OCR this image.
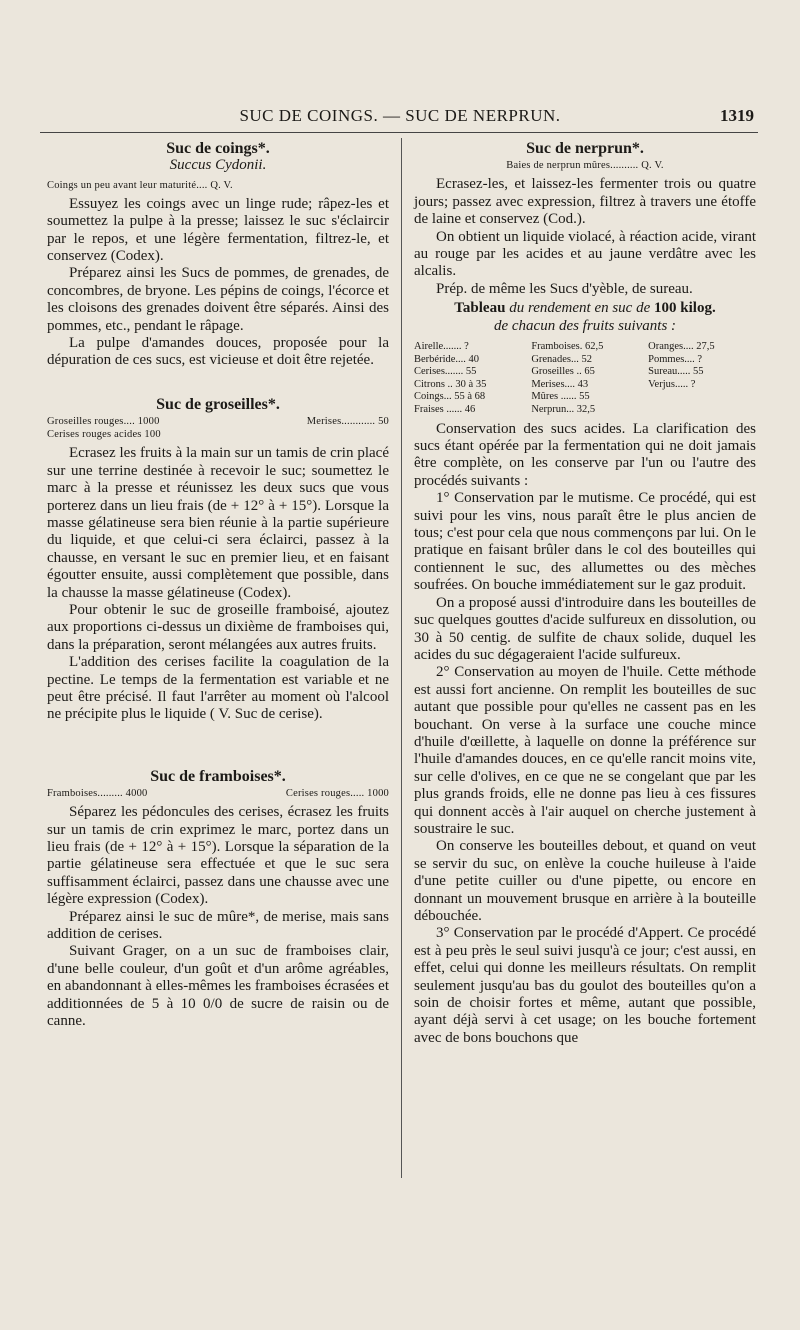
SUC DE COINGS. — SUC DE NERPRUN.	1319
Suc de coings*.
Succus Cydonii.
Coings un peu avant leur maturité.... Q. V.

Essuyez les coings avec un linge rude; râpez-les et soumettez la pulpe à la presse; laissez le suc s'éclaircir par le repos, et une légère fermentation, filtrez-le, et conservez (Codex).

Préparez ainsi les Sucs de pommes, de grenades, de concombres, de bryone. Les pépins de coings, l'écorce et les cloisons des grenades doivent être séparés. Ainsi des pommes, etc., pendant le râpage.

La pulpe d'amandes douces, proposée pour la dépuration de ces sucs, est vicieuse et doit être rejetée.

Suc de groseilles*.
Groseilles rouges.... 1000	Merises............ 50
Cerises rouges acides 100

Ecrasez les fruits à la main sur un tamis de crin placé sur une terrine destinée à recevoir le suc; soumettez le marc à la presse et réunissez les deux sucs que vous porterez dans un lieu frais (de + 12° à + 15°). Lorsque la masse gélatineuse sera bien réunie à la partie supérieure du liquide, et que celui-ci sera éclairci, passez à la chausse, en versant le suc en premier lieu, et en faisant égoutter ensuite, aussi complètement que possible, dans la chausse la masse gélatineuse (Codex).

Pour obtenir le suc de groseille framboisé, ajoutez aux proportions ci-dessus un dixième de framboises qui, dans la préparation, seront mélangées aux autres fruits.

L'addition des cerises facilite la coagulation de la pectine. Le temps de la fermentation est variable et ne peut être précisé. Il faut l'arrêter au moment où l'alcool ne précipite plus le liquide ( V. Suc de cerise).

Suc de framboises*.
Framboises......... 4000	Cerises rouges..... 1000

Séparez les pédoncules des cerises, écrasez les fruits sur un tamis de crin exprimez le marc, portez dans un lieu frais (de + 12° à + 15°). Lorsque la séparation de la partie gélatineuse sera effectuée et que le suc sera suffisamment éclairci, passez dans une chausse avec une légère expression (Codex).

Préparez ainsi le suc de mûre*, de merise, mais sans addition de cerises.

Suivant Grager, on a un suc de framboises clair, d'une belle couleur, d'un goût et d'un arôme agréables, en abandonnant à elles-mêmes les framboises écrasées et additionnées de 5 à 10 0/0 de sucre de raisin ou de canne.

Suc de nerprun*.
Baies de nerprun mûres.......... Q. V.

Ecrasez-les, et laissez-les fermenter trois ou quatre jours; passez avec expression, filtrez à travers une étoffe de laine et conservez (Cod.).

On obtient un liquide violacé, à réaction acide, virant au rouge par les acides et au jaune verdâtre avec les alcalis.

Prép. de même les Sucs d'yèble, de sureau.

Tableau du rendement en suc de 100 kilog.
de chacun des fruits suivants :
Airelle....... ?	Framboises. 62,5	Oranges.... 27,5
Berbéride.... 40	Grenades... 52	Pommes.... ?
Cerises....... 55	Groseilles .. 65	Sureau..... 55
Citrons .. 30 à 35	Merises.... 43	Verjus..... ?
Coings... 55 à 68	Mûres ...... 55	
Fraises ...... 46	Nerprun... 32,5	

Conservation des sucs acides. La clarification des sucs étant opérée par la fermentation qui ne doit jamais être complète, on les conserve par l'un ou l'autre des procédés suivants :

1° Conservation par le mutisme. Ce procédé, qui est suivi pour les vins, nous paraît être le plus ancien de tous; c'est pour cela que nous commençons par lui. On le pratique en faisant brûler dans le col des bouteilles qui contiennent le suc, des allumettes ou des mèches soufrées. On bouche immédiatement sur le gaz produit.

On a proposé aussi d'introduire dans les bouteilles de suc quelques gouttes d'acide sulfureux en dissolution, ou 30 à 50 centig. de sulfite de chaux solide, duquel les acides du suc dégageraient l'acide sulfureux.

2° Conservation au moyen de l'huile. Cette méthode est aussi fort ancienne. On remplit les bouteilles de suc autant que possible pour qu'elles ne cassent pas en les bouchant. On verse à la surface une couche mince d'huile d'œillette, à laquelle on donne la préférence sur l'huile d'amandes douces, en ce qu'elle rancit moins vite, sur celle d'olives, en ce que ne se congelant que par les plus grands froids, elle ne donne pas lieu à ces fissures qui donnent accès à l'air auquel on cherche justement à soustraire le suc.

On conserve les bouteilles debout, et quand on veut se servir du suc, on enlève la couche huileuse à l'aide d'une petite cuiller ou d'une pipette, ou encore en donnant un mouvement brusque en arrière à la bouteille débouchée.

3° Conservation par le procédé d'Appert. Ce procédé est à peu près le seul suivi jusqu'à ce jour; c'est aussi, en effet, celui qui donne les meilleurs résultats. On remplit seulement jusqu'au bas du goulot des bouteilles qu'on a soin de choisir fortes et même, autant que possible, ayant déjà servi à cet usage; on les bouche fortement avec de bons bouchons que
